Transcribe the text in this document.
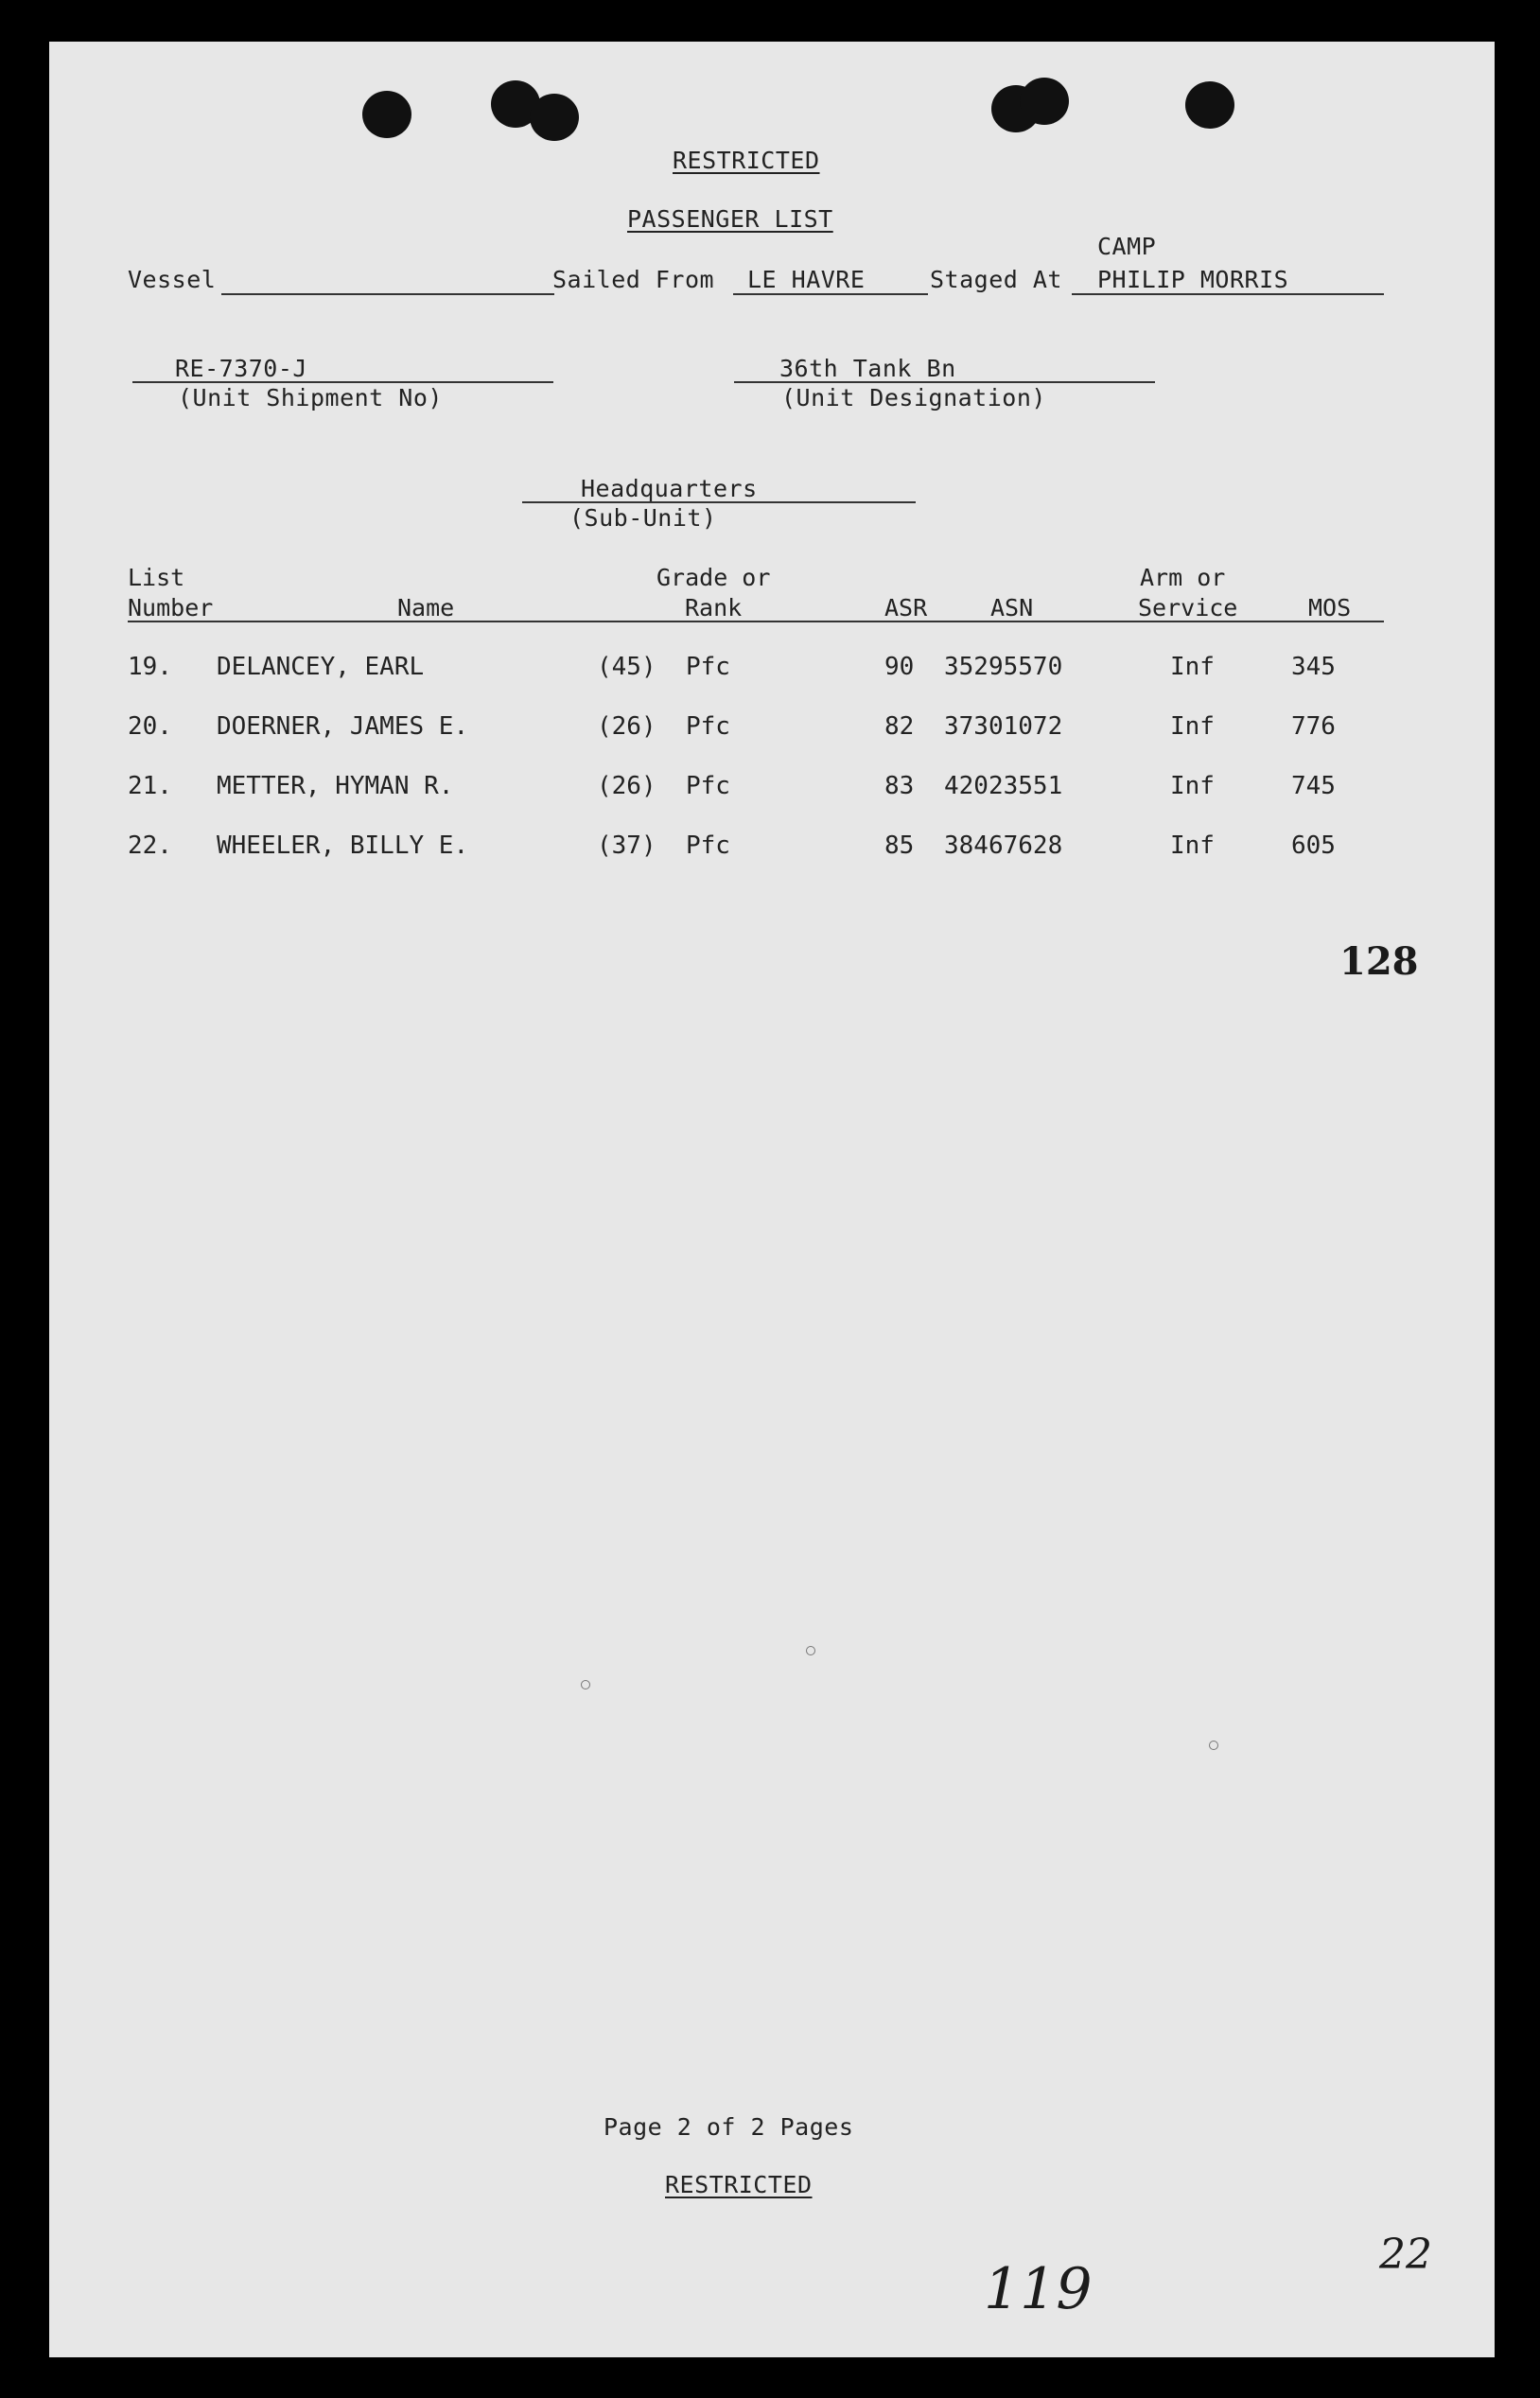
RESTRICTED
PASSENGER LIST
Vessel	Sailed From LE HAVRE	Staged At
CAMP
PHILIP MORRIS
RE-7370-J
(Unit Shipment No)
36th Tank Bn
(Unit Designation)
Headquarters
(Sub-Unit)
List
Number	Name
Grade or
Rank	ASR	ASN
Arm or
Service	MOS
19. DELANCEY, EARL	(45) Pfc	90 35295570	Inf	345
20. DOERNER, JAMES E.	(26) Pfc	82 37301072	Inf	776
21. METTER, HYMAN R.	(26) Pfc	83 42023551	Inf	745
22. WHEELER, BILLY E.	(37) Pfc	85 38467628	Inf	605
128
Page 2 of 2 Pages
RESTRICTED
119
22
